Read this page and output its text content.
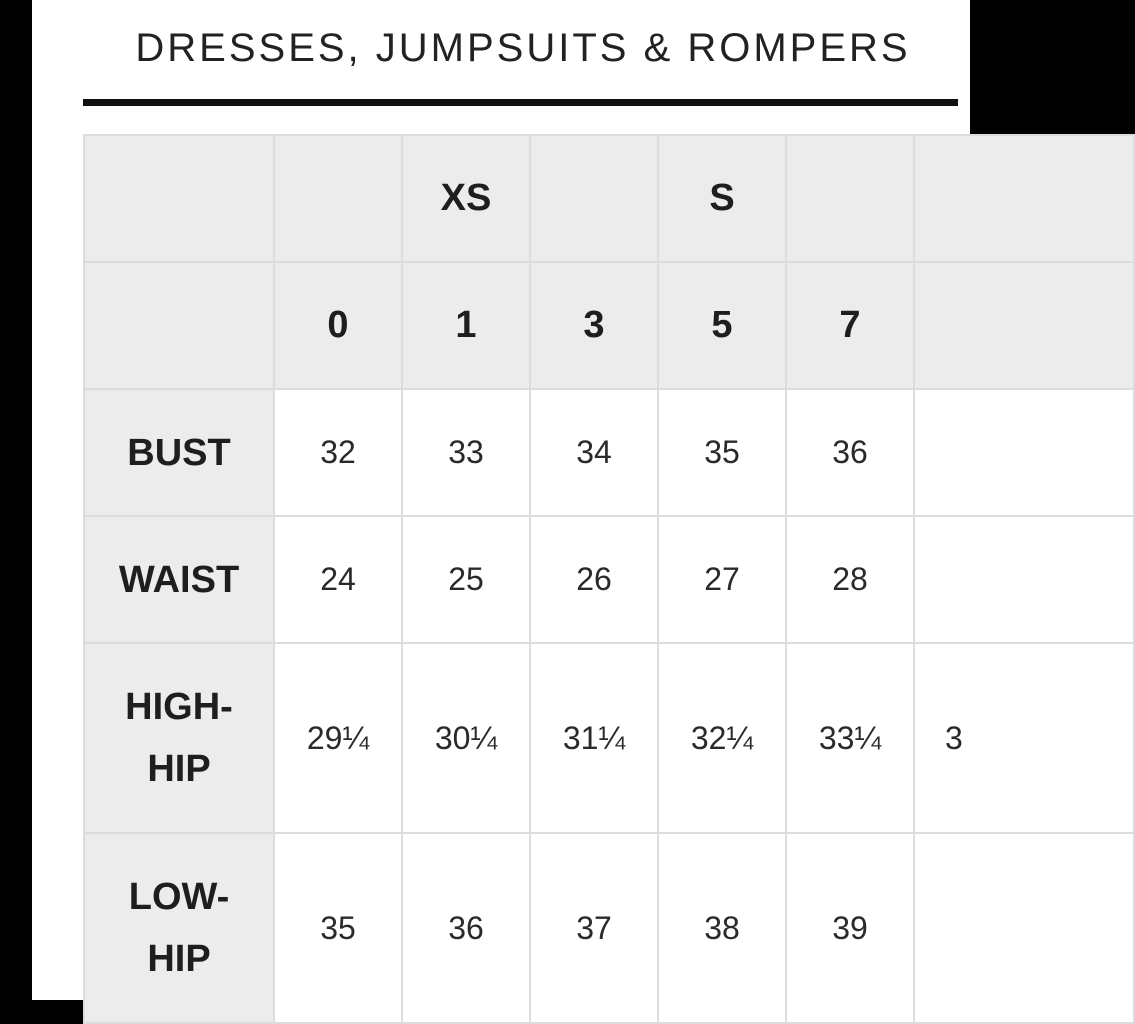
DRESSES, JUMPSUITS & ROMPERS
		XS		S		
	0	1	3	5	7	
BUST	32	33	34	35	36	
WAIST	24	25	26	27	28	
HIGH-HIP	29¼	30¼	31¼	32¼	33¼	3
LOW-HIP	35	36	37	38	39	
